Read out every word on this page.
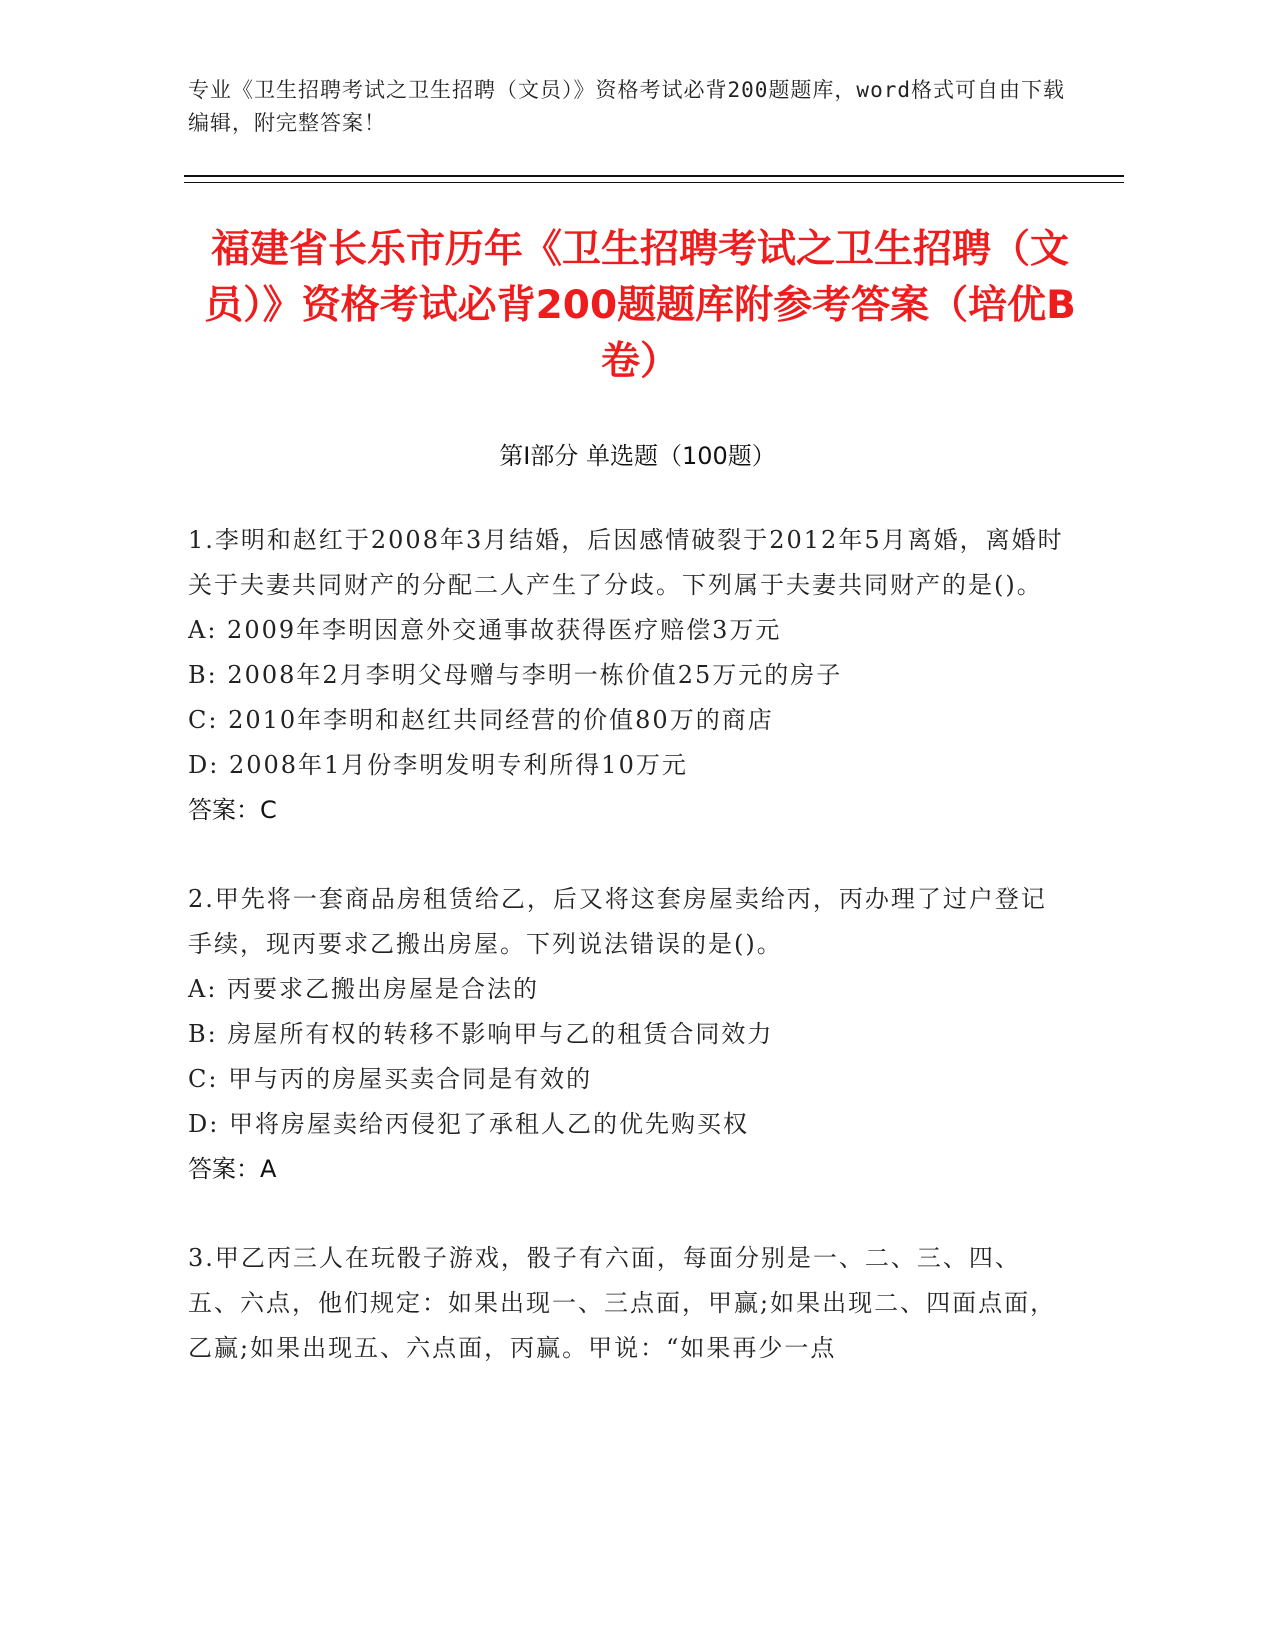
专业《卫生招聘考试之卫生招聘（文员）》资格考试必背200题题库，word格式可自由下载编辑，附完整答案！
福建省长乐市历年《卫生招聘考试之卫生招聘（文员）》资格考试必背200题题库附参考答案（培优B卷）
第Ⅰ部分 单选题（100题）

1.李明和赵红于2008年3月结婚，后因感情破裂于2012年5月离婚，离婚时关于夫妻共同财产的分配二人产生了分歧。下列属于夫妻共同财产的是()。

A: 2009年李明因意外交通事故获得医疗赔偿3万元

B: 2008年2月李明父母赠与李明一栋价值25万元的房子

C: 2010年李明和赵红共同经营的价值80万的商店

D: 2008年1月份李明发明专利所得10万元

答案：C

2.甲先将一套商品房租赁给乙，后又将这套房屋卖给丙，丙办理了过户登记手续，现丙要求乙搬出房屋。下列说法错误的是()。

A: 丙要求乙搬出房屋是合法的

B: 房屋所有权的转移不影响甲与乙的租赁合同效力

C: 甲与丙的房屋买卖合同是有效的

D: 甲将房屋卖给丙侵犯了承租人乙的优先购买权

答案：A

3.甲乙丙三人在玩骰子游戏，骰子有六面，每面分别是一、二、三、四、五、六点，他们规定：如果出现一、三点面，甲赢;如果出现二、四面点面，乙赢;如果出现五、六点面，丙赢。甲说：“如果再少一点
